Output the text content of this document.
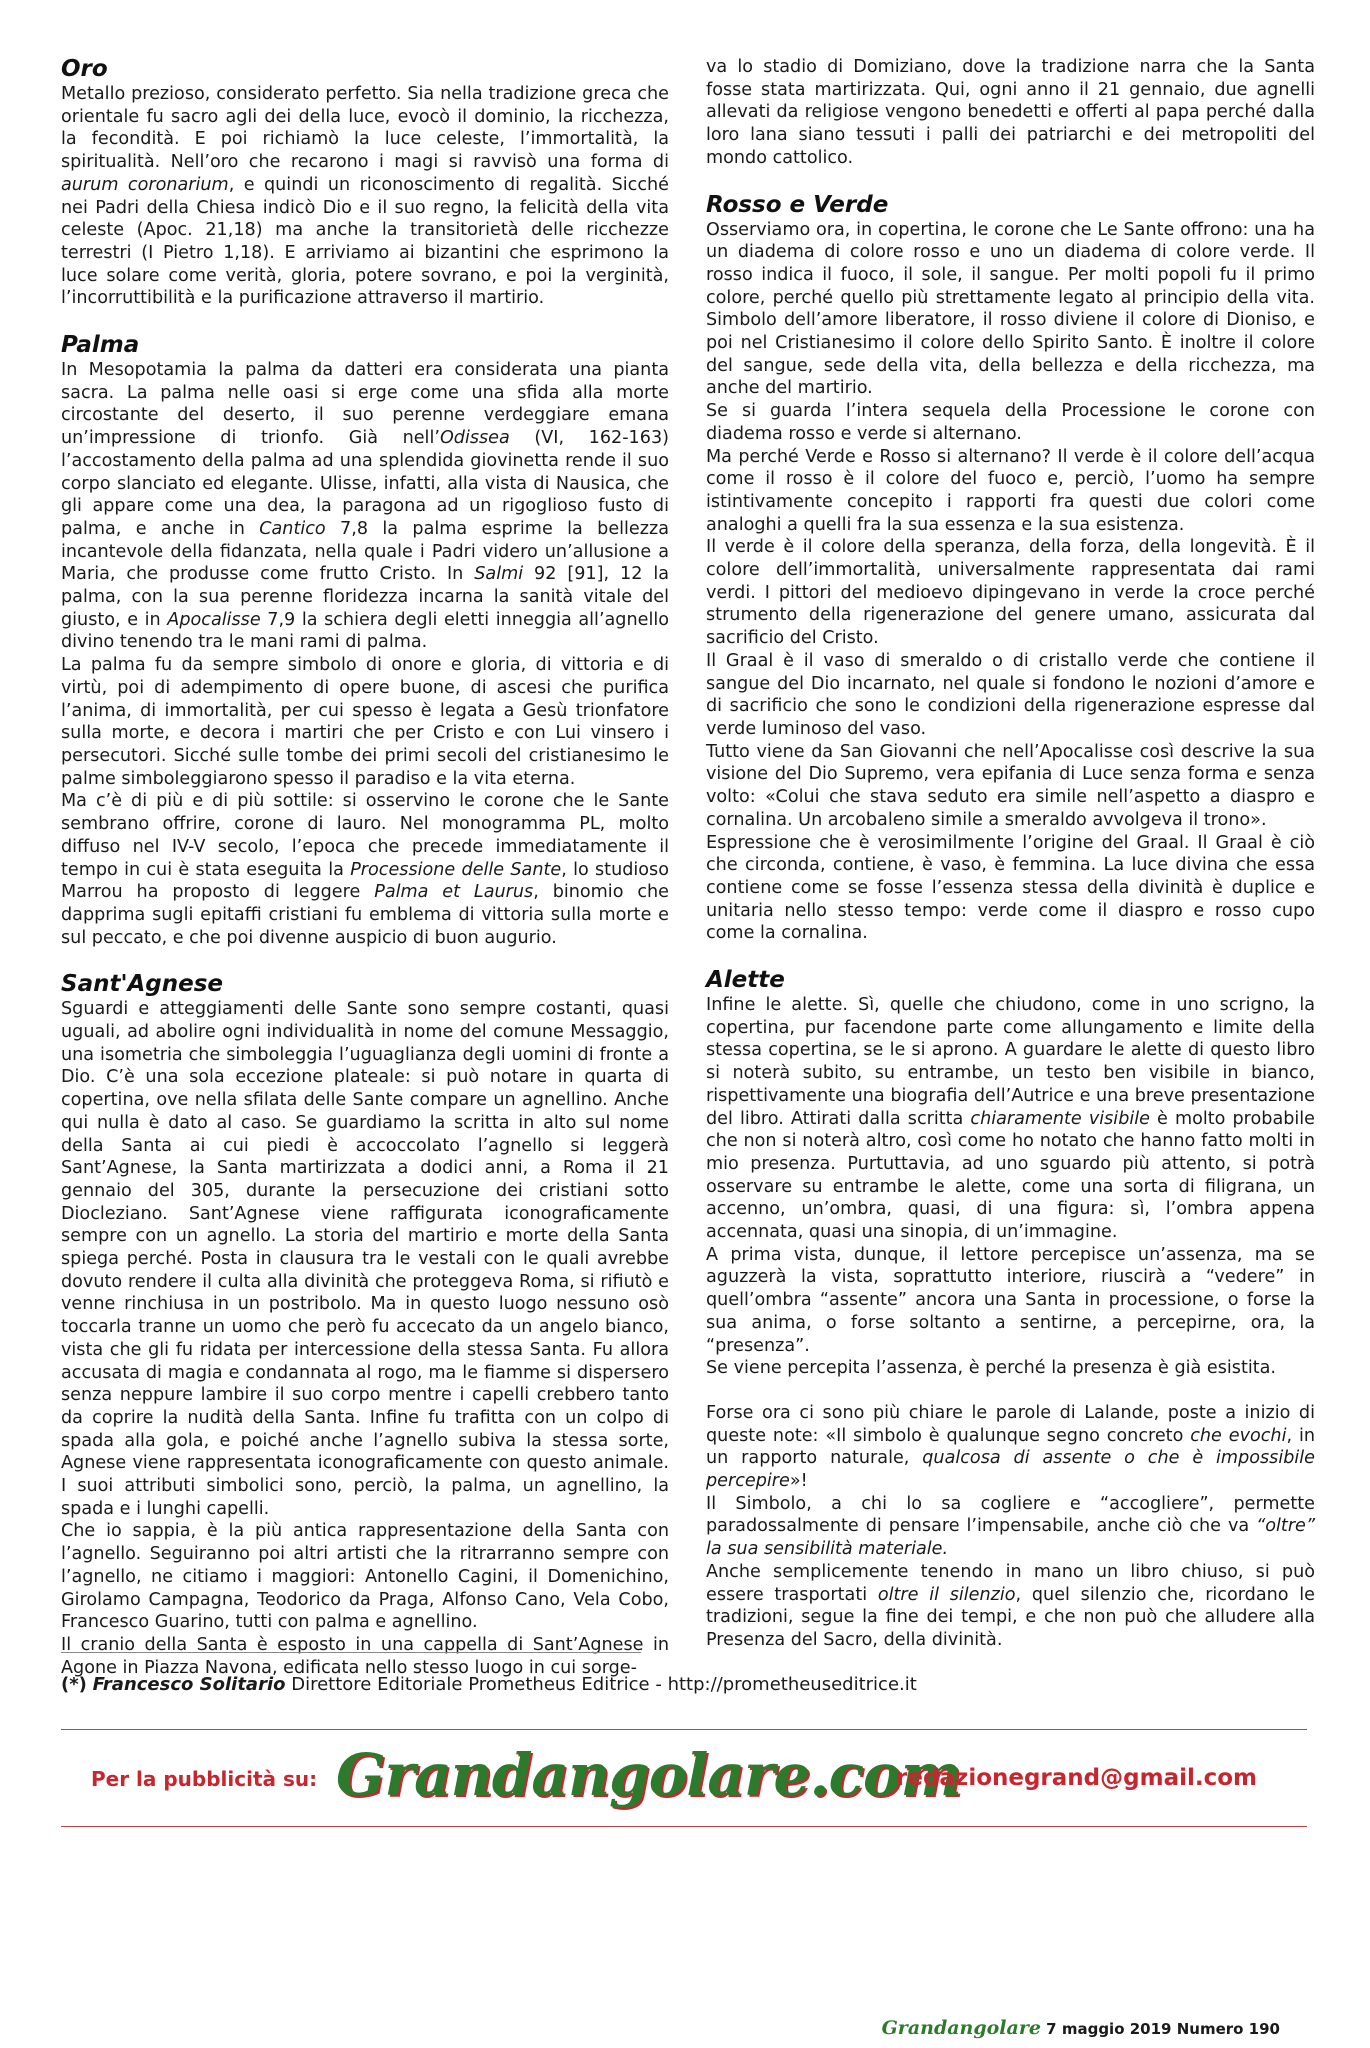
Oro

Metallo prezioso, considerato perfetto. Sia nella tradizione greca che orientale fu sacro agli dei della luce, evocò il dominio, la ricchezza, la fecondità. E poi richiamò la luce celeste, l’immortalità, la spiritualità. Nell’oro che recarono i magi si ravvisò una forma di aurum coronarium, e quindi un riconoscimento di regalità. Sicché nei Padri della Chiesa indicò Dio e il suo regno, la felicità della vita celeste (Apoc. 21,18) ma anche la transitorietà delle ricchezze terrestri (I Pietro 1,18). E arriviamo ai bizantini che esprimono la luce solare come verità, gloria, potere sovrano, e poi la verginità, l’incorruttibilità e la purificazione attraverso il martirio.

Palma

In Mesopotamia la palma da datteri era considerata una pianta sacra. La palma nelle oasi si erge come una sfida alla morte circostante del deserto, il suo perenne verdeggiare emana un’impressione di trionfo. Già nell’Odissea (VI, 162-163) l’accostamento della palma ad una splendida giovinetta rende il suo corpo slanciato ed elegante. Ulisse, infatti, alla vista di Nausica, che gli appare come una dea, la paragona ad un rigoglioso fusto di palma, e anche in Cantico 7,8 la palma esprime la bellezza incantevole della fidanzata, nella quale i Padri videro un’allusione a Maria, che produsse come frutto Cristo. In Salmi 92 [91], 12 la palma, con la sua perenne floridezza incarna la sanità vitale del giusto, e in Apocalisse 7,9 la schiera degli eletti inneggia all’agnello divino tenendo tra le mani rami di palma.

La palma fu da sempre simbolo di onore e gloria, di vittoria e di virtù, poi di adempimento di opere buone, di ascesi che purifica l’anima, di immortalità, per cui spesso è legata a Gesù trionfatore sulla morte, e decora i martiri che per Cristo e con Lui vinsero i persecutori. Sicché sulle tombe dei primi secoli del cristianesimo le palme simboleggiarono spesso il paradiso e la vita eterna.

Ma c’è di più e di più sottile: si osservino le corone che le Sante sembrano offrire, corone di lauro. Nel monogramma PL, molto diffuso nel IV-V secolo, l’epoca che precede immediatamente il tempo in cui è stata eseguita la Processione delle Sante, lo studioso Marrou ha proposto di leggere Palma et Laurus, binomio che dapprima sugli epitaffi cristiani fu emblema di vittoria sulla morte e sul peccato, e che poi divenne auspicio di buon augurio.

Sant'Agnese

Sguardi e atteggiamenti delle Sante sono sempre costanti, quasi uguali, ad abolire ogni individualità in nome del comune Messaggio, una isometria che simboleggia l’uguaglianza degli uomini di fronte a Dio. C’è una sola eccezione plateale: si può notare in quarta di copertina, ove nella sfilata delle Sante compare un agnellino. Anche qui nulla è dato al caso. Se guardiamo la scritta in alto sul nome della Santa ai cui piedi è accoccolato l’agnello si leggerà Sant’Agnese, la Santa martirizzata a dodici anni, a Roma il 21 gennaio del 305, durante la persecuzione dei cristiani sotto Diocleziano. Sant’Agnese viene raffigurata iconograficamente sempre con un agnello. La storia del martirio e morte della Santa spiega perché. Posta in clausura tra le vestali con le quali avrebbe dovuto rendere il culta alla divinità che proteggeva Roma, si rifiutò e venne rinchiusa in un postribolo. Ma in questo luogo nessuno osò toccarla tranne un uomo che però fu accecato da un angelo bianco, vista che gli fu ridata per intercessione della stessa Santa. Fu allora accusata di magia e condannata al rogo, ma le fiamme si dispersero senza neppure lambire il suo corpo mentre i capelli crebbero tanto da coprire la nudità della Santa. Infine fu trafitta con un colpo di spada alla gola, e poiché anche l’agnello subiva la stessa sorte, Agnese viene rappresentata iconograficamente con questo animale. I suoi attributi simbolici sono, perciò, la palma, un agnellino, la spada e i lunghi capelli.

Che io sappia, è la più antica rappresentazione della Santa con l’agnello. Seguiranno poi altri artisti che la ritrarranno sempre con l’agnello, ne citiamo i maggiori: Antonello Cagini, il Domenichino, Girolamo Campagna, Teodorico da Praga, Alfonso Cano, Vela Cobo, Francesco Guarino, tutti con palma e agnellino.

Il cranio della Santa è esposto in una cappella di Sant’Agnese in Agone in Piazza Navona, edificata nello stesso luogo in cui sorge-

va lo stadio di Domiziano, dove la tradizione narra che la Santa fosse stata martirizzata. Qui, ogni anno il 21 gennaio, due agnelli allevati da religiose vengono benedetti e offerti al papa perché dalla loro lana siano tessuti i palli dei patriarchi e dei metropoliti del mondo cattolico.

Rosso e Verde

Osserviamo ora, in copertina, le corone che Le Sante offrono: una ha un diadema di colore rosso e uno un diadema di colore verde. Il rosso indica il fuoco, il sole, il sangue. Per molti popoli fu il primo colore, perché quello più strettamente legato al principio della vita. Simbolo dell’amore liberatore, il rosso diviene il colore di Dioniso, e poi nel Cristianesimo il colore dello Spirito Santo. È inoltre il colore del sangue, sede della vita, della bellezza e della ricchezza, ma anche del martirio.

Se si guarda l’intera sequela della Processione le corone con diadema rosso e verde si alternano.

Ma perché Verde e Rosso si alternano? Il verde è il colore dell’acqua come il rosso è il colore del fuoco e, perciò, l’uomo ha sempre istintivamente concepito i rapporti fra questi due colori come analoghi a quelli fra la sua essenza e la sua esistenza.

Il verde è il colore della speranza, della forza, della longevità. È il colore dell’immortalità, universalmente rappresentata dai rami verdi. I pittori del medioevo dipingevano in verde la croce perché strumento della rigenerazione del genere umano, assicurata dal sacrificio del Cristo.

Il Graal è il vaso di smeraldo o di cristallo verde che contiene il sangue del Dio incarnato, nel quale si fondono le nozioni d’amore e di sacrificio che sono le condizioni della rigenerazione espresse dal verde luminoso del vaso.

Tutto viene da San Giovanni che nell’Apocalisse così descrive la sua visione del Dio Supremo, vera epifania di Luce senza forma e senza volto: «Colui che stava seduto era simile nell’aspetto a diaspro e cornalina. Un arcobaleno simile a smeraldo avvolgeva il trono».

Espressione che è verosimilmente l’origine del Graal. Il Graal è ciò che circonda, contiene, è vaso, è femmina. La luce divina che essa contiene come se fosse l’essenza stessa della divinità è duplice e unitaria nello stesso tempo: verde come il diaspro e rosso cupo come la cornalina.

Alette

Infine le alette. Sì, quelle che chiudono, come in uno scrigno, la copertina, pur facendone parte come allungamento e limite della stessa copertina, se le si aprono. A guardare le alette di questo libro si noterà subito, su entrambe, un testo ben visibile in bianco, rispettivamente una biografia dell’Autrice e una breve presentazione del libro. Attirati dalla scritta chiaramente visibile è molto probabile che non si noterà altro, così come ho notato che hanno fatto molti in mio presenza. Purtuttavia, ad uno sguardo più attento, si potrà osservare su entrambe le alette, come una sorta di filigrana, un accenno, un’ombra, quasi, di una figura: sì, l’ombra appena accennata, quasi una sinopia, di un’immagine.

A prima vista, dunque, il lettore percepisce un’assenza, ma se aguzzerà la vista, soprattutto interiore, riuscirà a “vedere” in quell’ombra “assente” ancora una Santa in processione, o forse la sua anima, o forse soltanto a sentirne, a percepirne, ora, la “presenza”.

Se viene percepita l’assenza, è perché la presenza è già esistita.

Forse ora ci sono più chiare le parole di Lalande, poste a inizio di queste note: «Il simbolo è qualunque segno concreto che evochi, in un rapporto naturale, qualcosa di assente o che è impossibile percepire»!

Il Simbolo, a chi lo sa cogliere e “accogliere”, permette paradossalmente di pensare l’impensabile, anche ciò che va “oltre” la sua sensibilità materiale.

Anche semplicemente tenendo in mano un libro chiuso, si può essere trasportati oltre il silenzio, quel silenzio che, ricordano le tradizioni, segue la fine dei tempi, e che non può che alludere alla Presenza del Sacro, della divinità.

(*) Francesco Solitario Direttore Editoriale Prometheus Editrice - http://prometheuseditrice.it
Per la pubblicità su: Grandangolare.com
redazionegrand@gmail.com
Grandangolare 7 maggio 2019 Numero 190
